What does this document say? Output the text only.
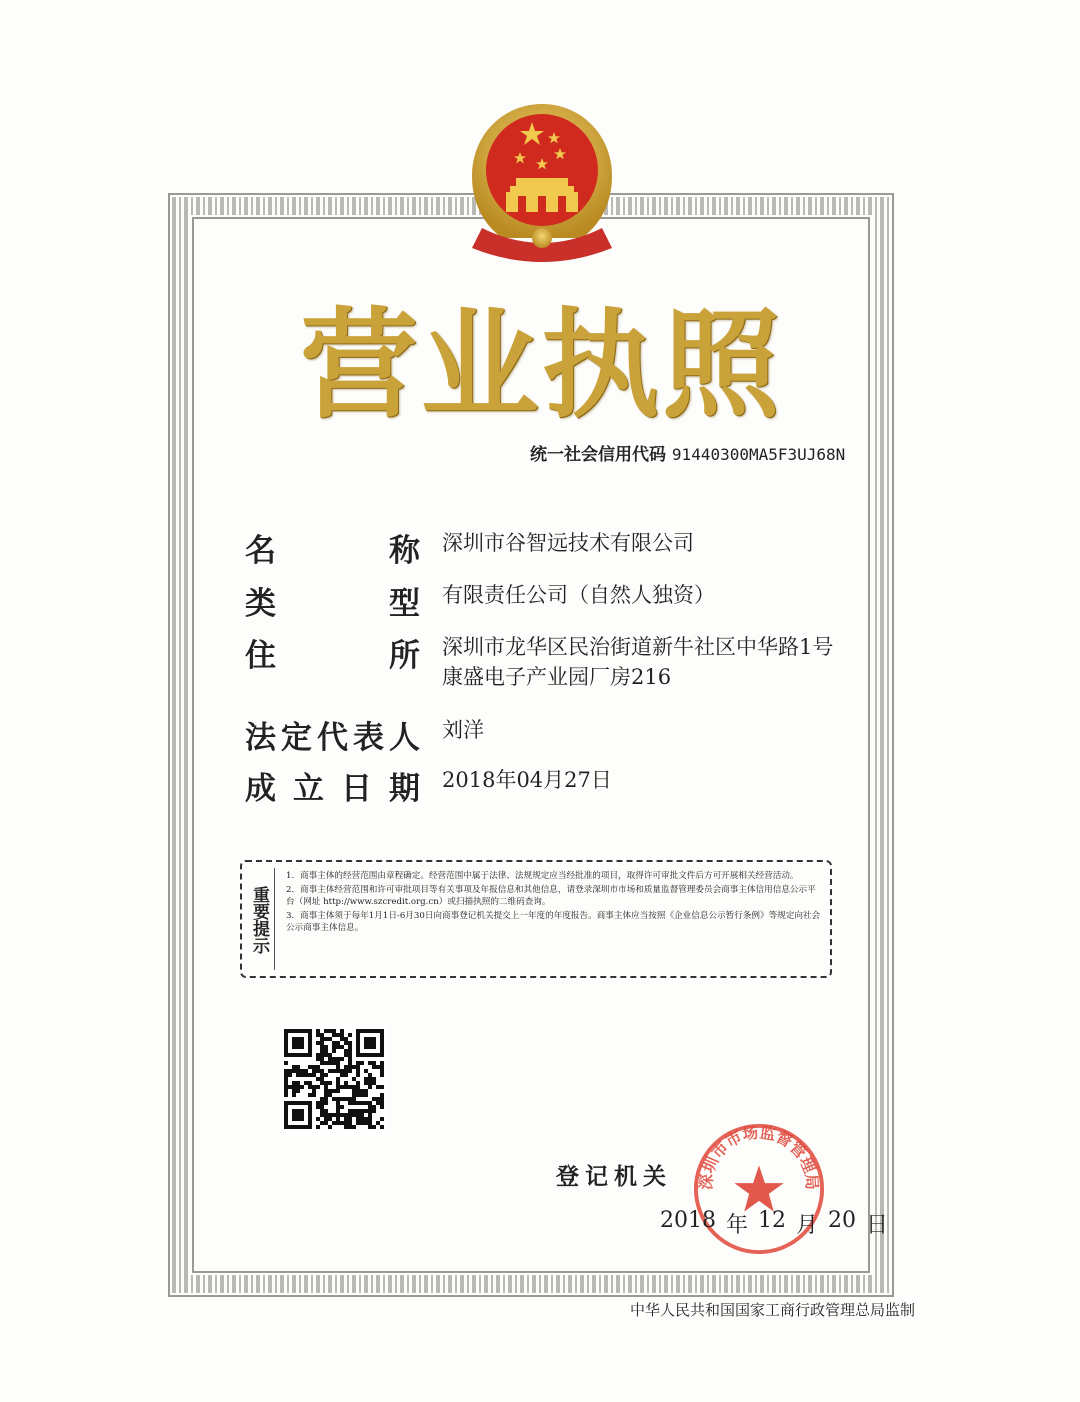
营 业 执 照
统一社会信用代码 91440300MA5F3UJ68N
名	称 深圳市谷智远技术有限公司
类	型 有限责任公司（自然人独资）
住	所 深圳市龙华区民治街道新牛社区中华路1号
康盛电子产业园厂房216
法 定 代 表 人 刘洋
成 立 日 期 2018年04月27日
重要提示

1．商事主体的经营范围由章程确定。经营范围中属于法律、法规规定应当经批准的项目，取得许可审批文件后方可开展相关经营活动。

2．商事主体经营范围和许可审批项目等有关事项及年报信息和其他信息，请登录深圳市市场和质量监督管理委员会商事主体信用信息公示平台（网址 http://www.szcredit.org.cn）或扫描执照的二维码查询。

3．商事主体须于每年1月1日-6月30日向商事登记机关提交上一年度的年度报告。商事主体应当按照《企业信息公示暂行条例》等规定向社会公示商事主体信息。

登记机关 深圳市市场监督管理局
2018 年 12 月 20 日
中华人民共和国国家工商行政管理总局监制
